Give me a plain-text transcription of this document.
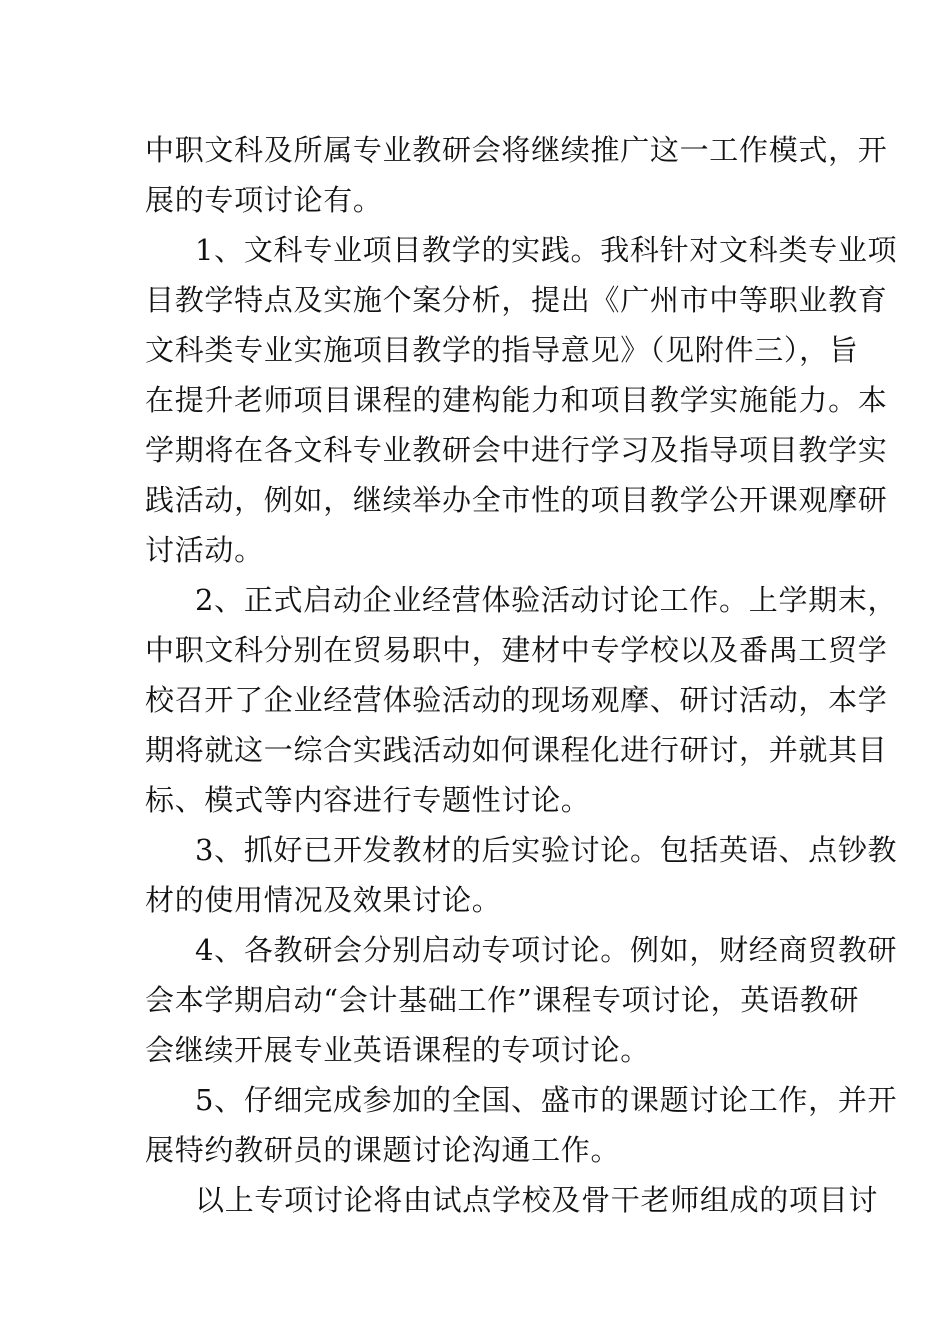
中职文科及所属专业教研会将继续推广这一工作模式，开
展的专项讨论有。
1、文科专业项目教学的实践。我科针对文科类专业项
目教学特点及实施个案分析，提出《广州市中等职业教育
文科类专业实施项目教学的指导意见》（见附件三），旨
在提升老师项目课程的建构能力和项目教学实施能力。本
学期将在各文科专业教研会中进行学习及指导项目教学实
践活动，例如，继续举办全市性的项目教学公开课观摩研
讨活动。
2、正式启动企业经营体验活动讨论工作。上学期末，
中职文科分别在贸易职中，建材中专学校以及番禺工贸学
校召开了企业经营体验活动的现场观摩、研讨活动，本学
期将就这一综合实践活动如何课程化进行研讨，并就其目
标、模式等内容进行专题性讨论。
3、抓好已开发教材的后实验讨论。包括英语、点钞教
材的使用情况及效果讨论。
4、各教研会分别启动专项讨论。例如，财经商贸教研
会本学期启动“会计基础工作”课程专项讨论，英语教研
会继续开展专业英语课程的专项讨论。
5、仔细完成参加的全国、盛市的课题讨论工作，并开
展特约教研员的课题讨论沟通工作。
以上专项讨论将由试点学校及骨干老师组成的项目讨
